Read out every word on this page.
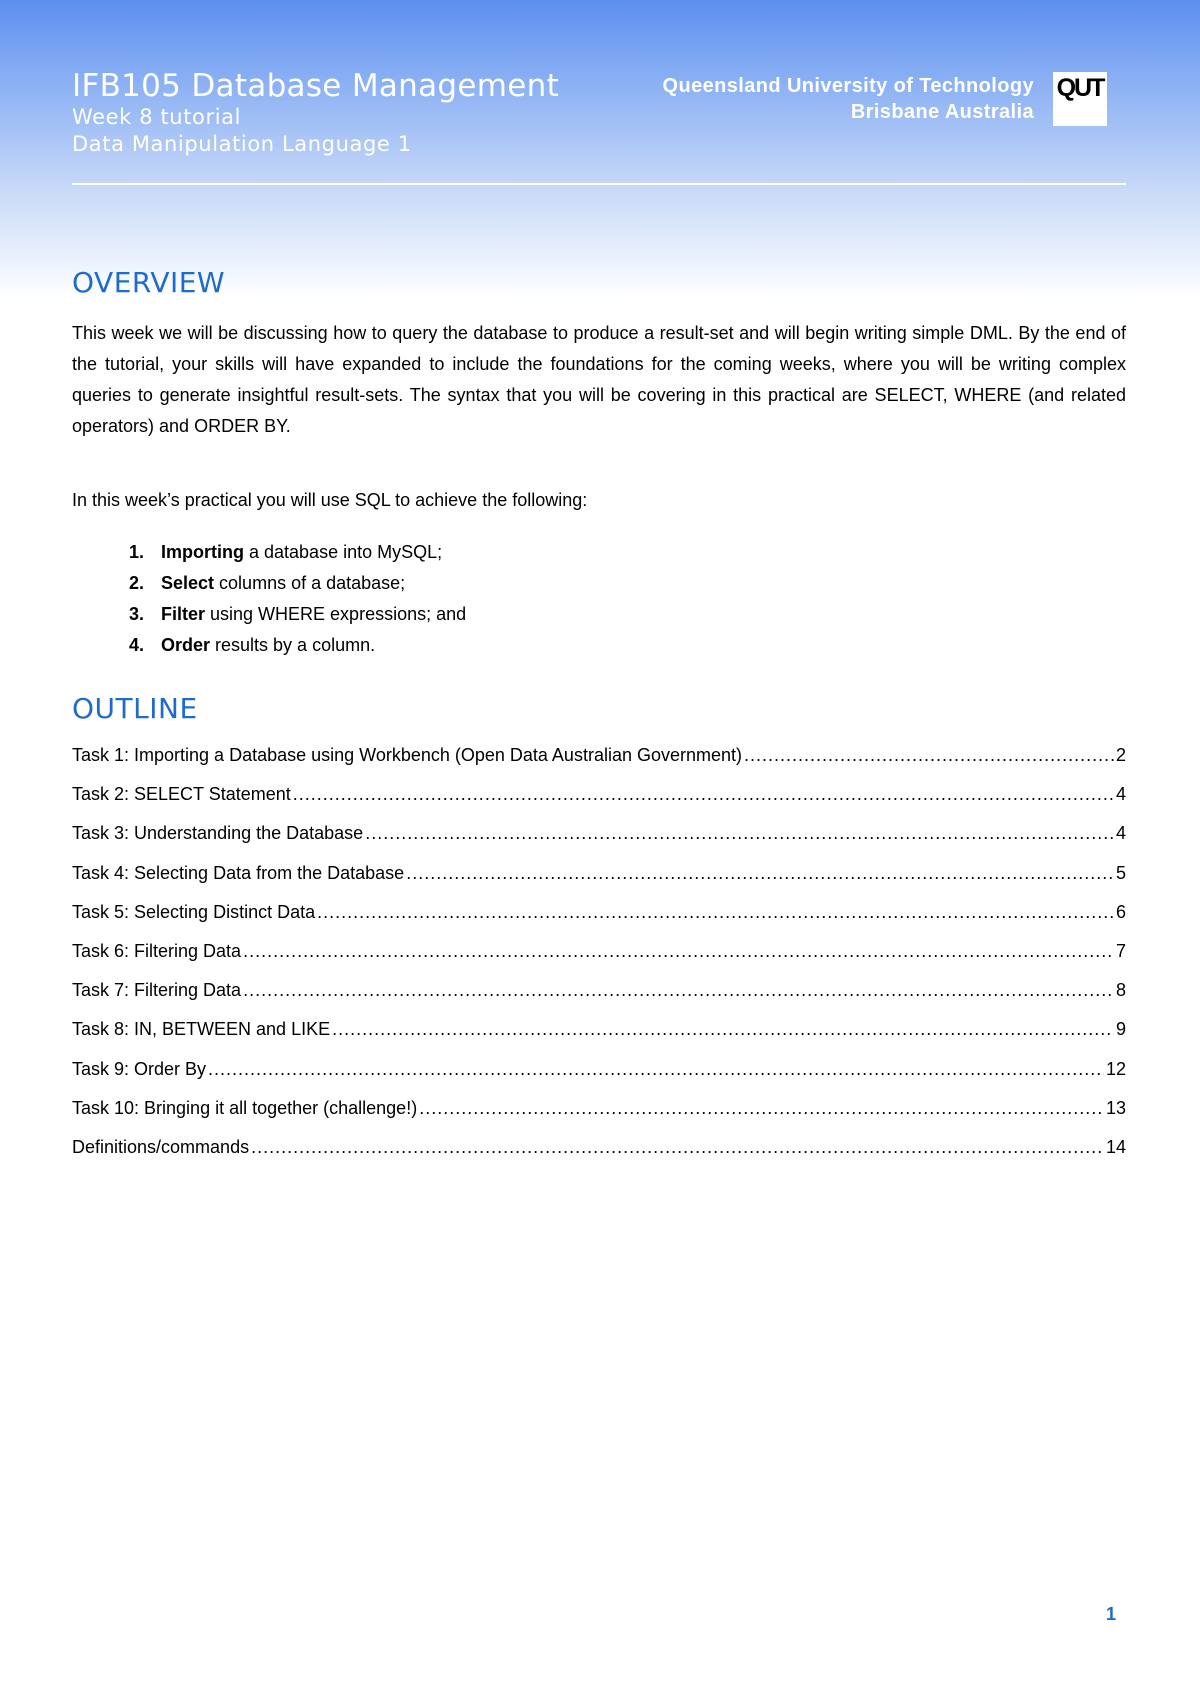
IFB105 Database Management
Week 8 tutorial
Data Manipulation Language 1
Queensland University of Technology
Brisbane Australia
QUT
OVERVIEW

This week we will be discussing how to query the database to produce a result-set and will begin writing simple DML. By the end of the tutorial, your skills will have expanded to include the foundations for the coming weeks, where you will be writing complex queries to generate insightful result-sets. The syntax that you will be covering in this practical are SELECT, WHERE (and related operators) and ORDER BY.

In this week’s practical you will use SQL to achieve the following:

1. Importing a database into MySQL;
2. Select columns of a database;
3. Filter using WHERE expressions; and
4. Order results by a column.
OUTLINE
Task 1: Importing a Database using Workbench (Open Data Australian Government) .....	2
Task 2: SELECT Statement .....	4
Task 3: Understanding the Database .....	4
Task 4: Selecting Data from the Database .....	5
Task 5: Selecting Distinct Data .....	6
Task 6: Filtering Data .....	7
Task 7: Filtering Data .....	8
Task 8: IN, BETWEEN and LIKE .....	9
Task 9: Order By .....	12
Task 10: Bringing it all together (challenge!) .....	13
Definitions/commands .....	14
1
